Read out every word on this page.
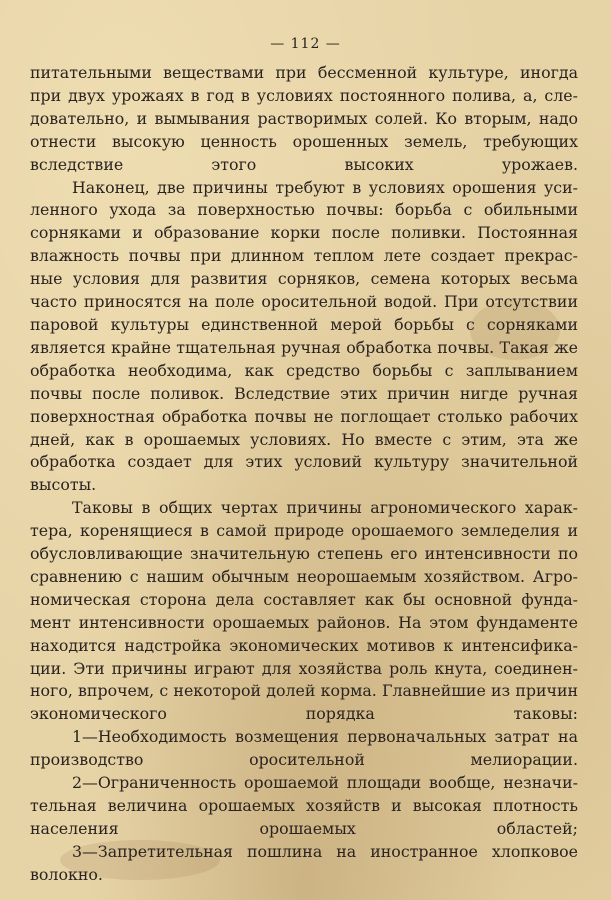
— 112 —

питательными веществами при бессменной культуре, иногда при двух урожаях в год в условиях постоянного полива, а, сле- довательно, и вымывания растворимых солей. Ко вторым, надо отнести высокую ценность орошенных земель, требующих вследствие этого высоких урожаев.

Наконец, две причины требуют в условиях орошения уси- ленного ухода за поверхностью почвы: борьба с обильными сорняками и образование корки после поливки. Постоянная влажность почвы при длинном теплом лете создает прекрас- ные условия для развития сорняков, семена которых весьма часто приносятся на поле оросительной водой. При отсутствии паровой культуры единственной мерой борьбы с сорняками является крайне тщательная ручная обработка почвы. Такая же обработка необходима, как средство борьбы с заплыванием почвы после поливок. Вследствие этих причин нигде ручная поверхностная обработка почвы не поглощает столько рабочих дней, как в орошаемых условиях. Но вместе с этим, эта же обработка создает для этих условий культуру значительной высоты.

Таковы в общих чертах причины агрономического харак- тера, коренящиеся в самой природе орошаемого земледелия и обусловливающие значительную степень его интенсивности по сравнению с нашим обычным неорошаемым хозяйством. Агро- номическая сторона дела составляет как бы основной фунда- мент интенсивности орошаемых районов. На этом фундаменте находится надстройка экономических мотивов к интенсифика- ции. Эти причины играют для хозяйства роль кнута, соединен- ного, впрочем, с некоторой долей корма. Главнейшие из причин экономического порядка таковы:

1—Необходимость возмещения первоначальных затрат на производство оросительной мелиорации.

2—Ограниченность орошаемой площади вообще, незначи- тельная величина орошаемых хозяйств и высокая плотность населения орошаемых областей;

3—Запретительная пошлина на иностранное хлопковое волокно.
